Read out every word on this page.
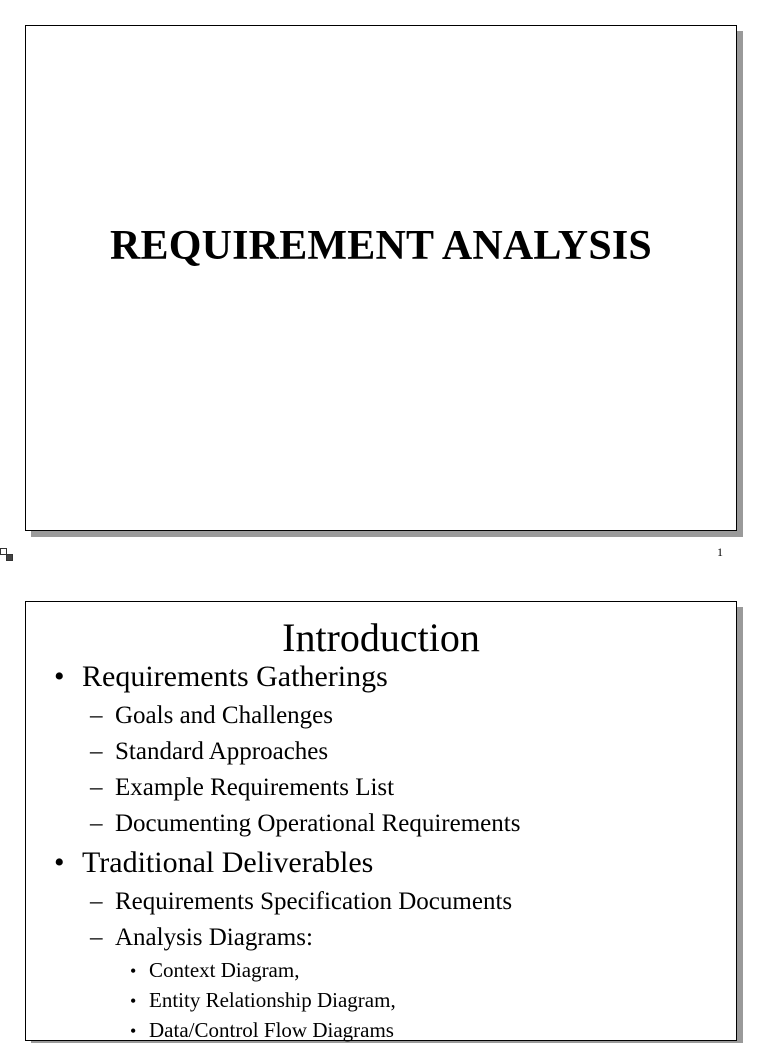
REQUIREMENT ANALYSIS
1
Introduction
• Requirements Gatherings
– Goals and Challenges
– Standard Approaches
– Example Requirements List
– Documenting Operational Requirements
• Traditional Deliverables
– Requirements Specification Documents
– Analysis Diagrams:
• Context Diagram,
• Entity Relationship Diagram,
• Data/Control Flow Diagrams
